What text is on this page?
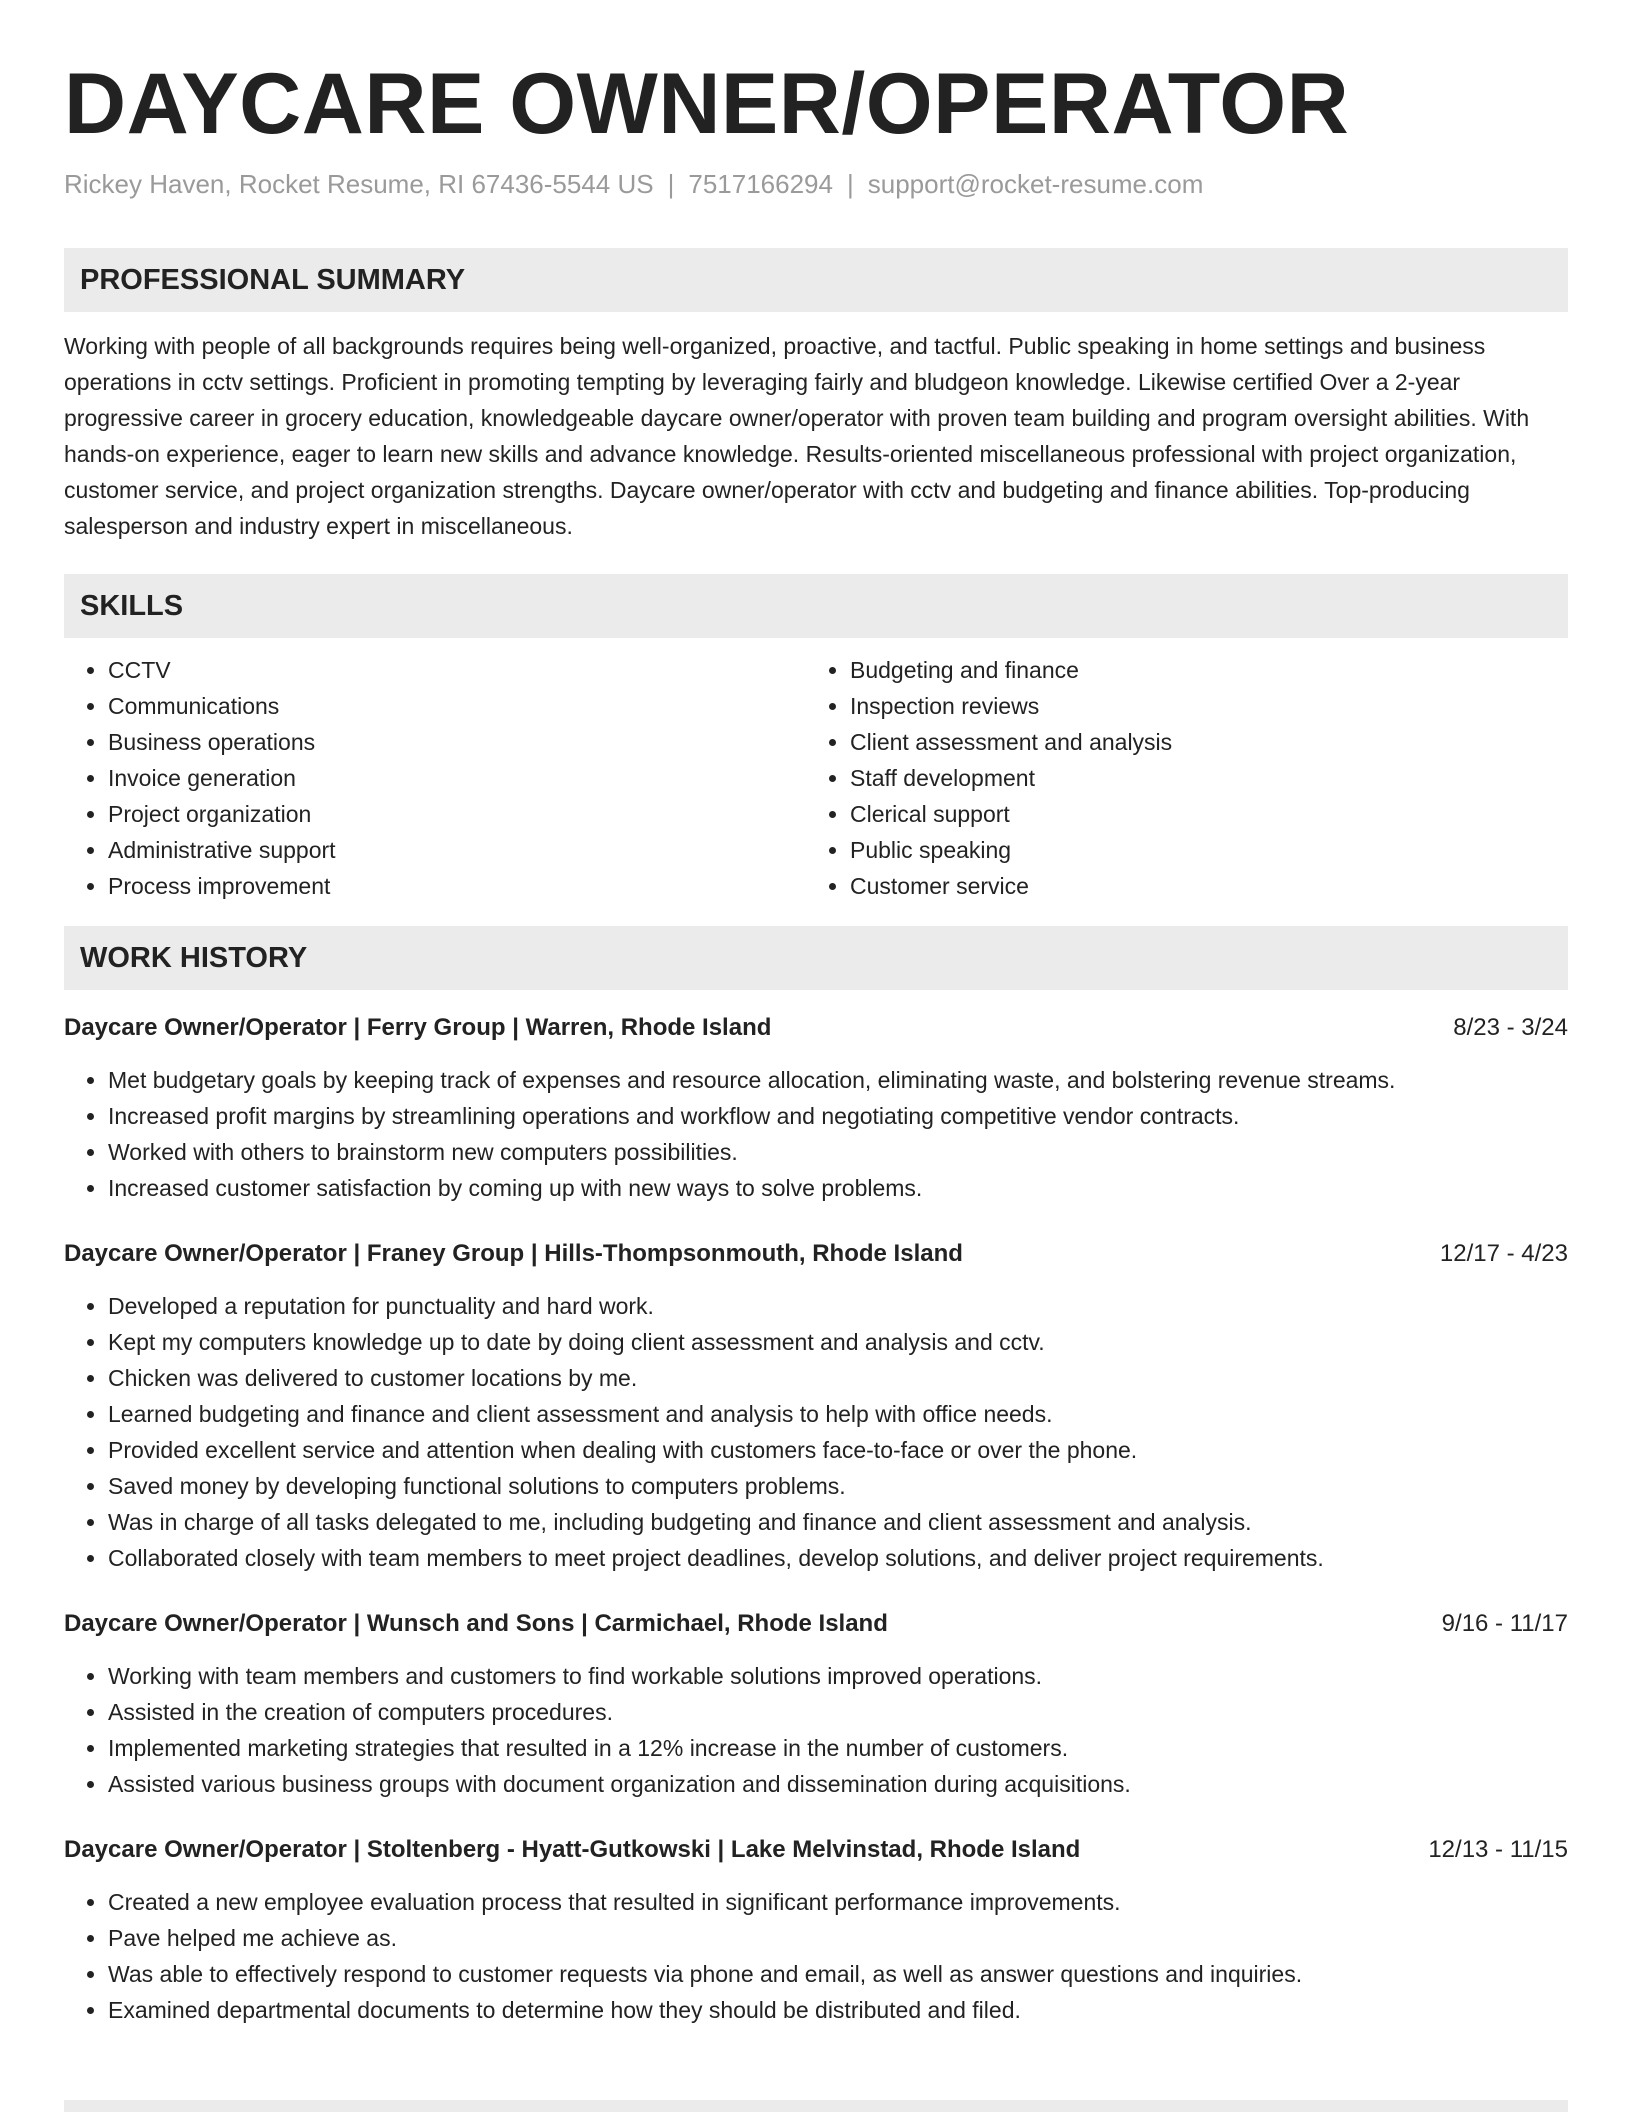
DAYCARE OWNER/OPERATOR
Rickey Haven, Rocket Resume, RI 67436-5544 US | 7517166294 | support@rocket-resume.com
PROFESSIONAL SUMMARY
Working with people of all backgrounds requires being well-organized, proactive, and tactful. Public speaking in home settings and business operations in cctv settings. Proficient in promoting tempting by leveraging fairly and bludgeon knowledge. Likewise certified Over a 2-year progressive career in grocery education, knowledgeable daycare owner/operator with proven team building and program oversight abilities. With hands-on experience, eager to learn new skills and advance knowledge. Results-oriented miscellaneous professional with project organization, customer service, and project organization strengths. Daycare owner/operator with cctv and budgeting and finance abilities. Top-producing salesperson and industry expert in miscellaneous.
SKILLS
• CCTV
• Communications
• Business operations
• Invoice generation
• Project organization
• Administrative support
• Process improvement
• Budgeting and finance
• Inspection reviews
• Client assessment and analysis
• Staff development
• Clerical support
• Public speaking
• Customer service
WORK HISTORY
Daycare Owner/Operator | Ferry Group | Warren, Rhode Island	8/23 - 3/24
• Met budgetary goals by keeping track of expenses and resource allocation, eliminating waste, and bolstering revenue streams.
• Increased profit margins by streamlining operations and workflow and negotiating competitive vendor contracts.
• Worked with others to brainstorm new computers possibilities.
• Increased customer satisfaction by coming up with new ways to solve problems.
Daycare Owner/Operator | Franey Group | Hills-Thompsonmouth, Rhode Island	12/17 - 4/23
• Developed a reputation for punctuality and hard work.
• Kept my computers knowledge up to date by doing client assessment and analysis and cctv.
• Chicken was delivered to customer locations by me.
• Learned budgeting and finance and client assessment and analysis to help with office needs.
• Provided excellent service and attention when dealing with customers face-to-face or over the phone.
• Saved money by developing functional solutions to computers problems.
• Was in charge of all tasks delegated to me, including budgeting and finance and client assessment and analysis.
• Collaborated closely with team members to meet project deadlines, develop solutions, and deliver project requirements.
Daycare Owner/Operator | Wunsch and Sons | Carmichael, Rhode Island	9/16 - 11/17
• Working with team members and customers to find workable solutions improved operations.
• Assisted in the creation of computers procedures.
• Implemented marketing strategies that resulted in a 12% increase in the number of customers.
• Assisted various business groups with document organization and dissemination during acquisitions.
Daycare Owner/Operator | Stoltenberg - Hyatt-Gutkowski | Lake Melvinstad, Rhode Island	12/13 - 11/15
• Created a new employee evaluation process that resulted in significant performance improvements.
• Pave helped me achieve as.
• Was able to effectively respond to customer requests via phone and email, as well as answer questions and inquiries.
• Examined departmental documents to determine how they should be distributed and filed.
